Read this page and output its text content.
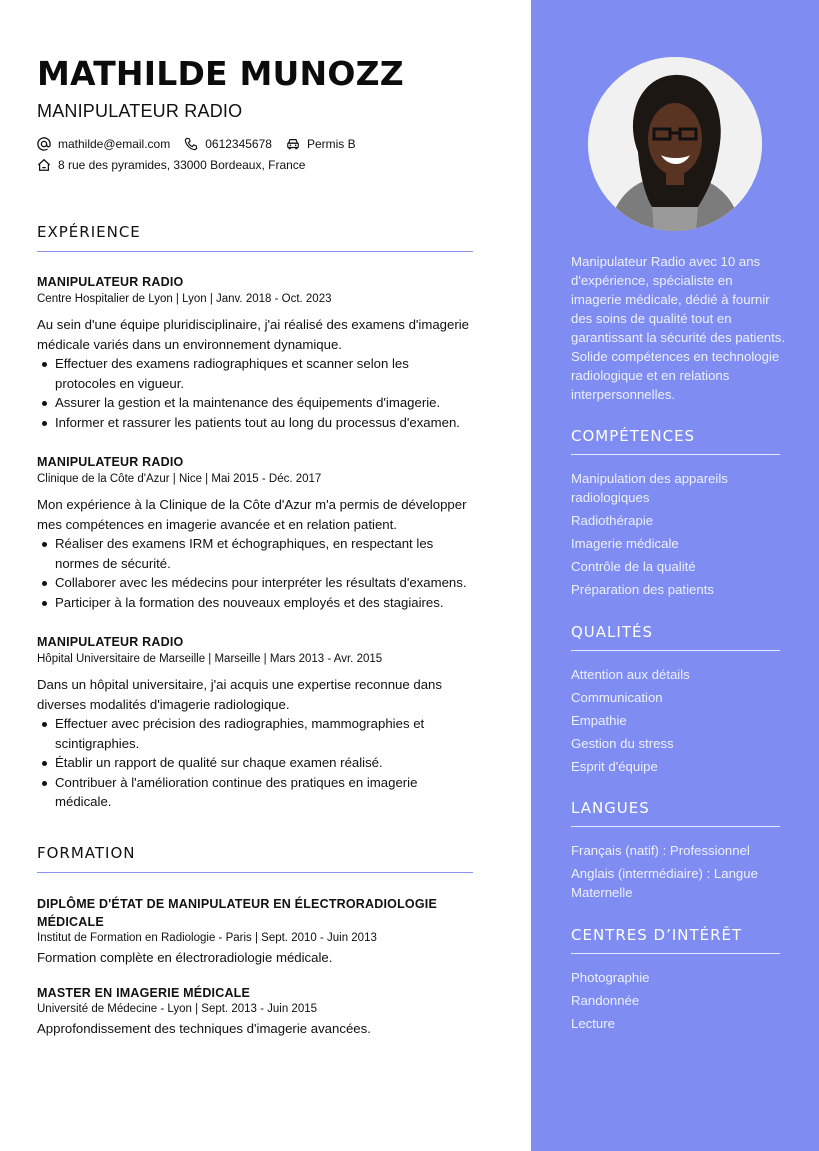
MATHILDE MUNOZZ
MANIPULATEUR RADIO
mathilde@email.com	0612345678	Permis B
8 rue des pyramides, 33000 Bordeaux, France
EXPÉRIENCE
MANIPULATEUR RADIO
Centre Hospitalier de Lyon | Lyon | Janv. 2018 - Oct. 2023
Au sein d'une équipe pluridisciplinaire, j'ai réalisé des examens d'imagerie médicale variés dans un environnement dynamique.
Effectuer des examens radiographiques et scanner selon les protocoles en vigueur.
Assurer la gestion et la maintenance des équipements d'imagerie.
Informer et rassurer les patients tout au long du processus d'examen.
MANIPULATEUR RADIO
Clinique de la Côte d'Azur | Nice | Mai 2015 - Déc. 2017
Mon expérience à la Clinique de la Côte d'Azur m'a permis de développer mes compétences en imagerie avancée et en relation patient.
Réaliser des examens IRM et échographiques, en respectant les normes de sécurité.
Collaborer avec les médecins pour interpréter les résultats d'examens.
Participer à la formation des nouveaux employés et des stagiaires.
MANIPULATEUR RADIO
Hôpital Universitaire de Marseille | Marseille | Mars 2013 - Avr. 2015
Dans un hôpital universitaire, j'ai acquis une expertise reconnue dans diverses modalités d'imagerie radiologique.
Effectuer avec précision des radiographies, mammographies et scintigraphies.
Établir un rapport de qualité sur chaque examen réalisé.
Contribuer à l'amélioration continue des pratiques en imagerie médicale.
FORMATION
DIPLÔME D'ÉTAT DE MANIPULATEUR EN ÉLECTRORADIOLOGIE MÉDICALE
Institut de Formation en Radiologie - Paris | Sept. 2010 - Juin 2013
Formation complète en électroradiologie médicale.
MASTER EN IMAGERIE MÉDICALE
Université de Médecine - Lyon | Sept. 2013 - Juin 2015
Approfondissement des techniques d'imagerie avancées.
Manipulateur Radio avec 10 ans d'expérience, spécialiste en imagerie médicale, dédié à fournir des soins de qualité tout en garantissant la sécurité des patients. Solide compétences en technologie radiologique et en relations interpersonnelles.
COMPÉTENCES
Manipulation des appareils radiologiques
Radiothérapie
Imagerie médicale
Contrôle de la qualité
Préparation des patients
QUALITÉS
Attention aux détails
Communication
Empathie
Gestion du stress
Esprit d'équipe
LANGUES
Français (natif) : Professionnel
Anglais (intermédiaire) : Langue Maternelle
CENTRES D’INTÉRÊT
Photographie
Randonnée
Lecture
